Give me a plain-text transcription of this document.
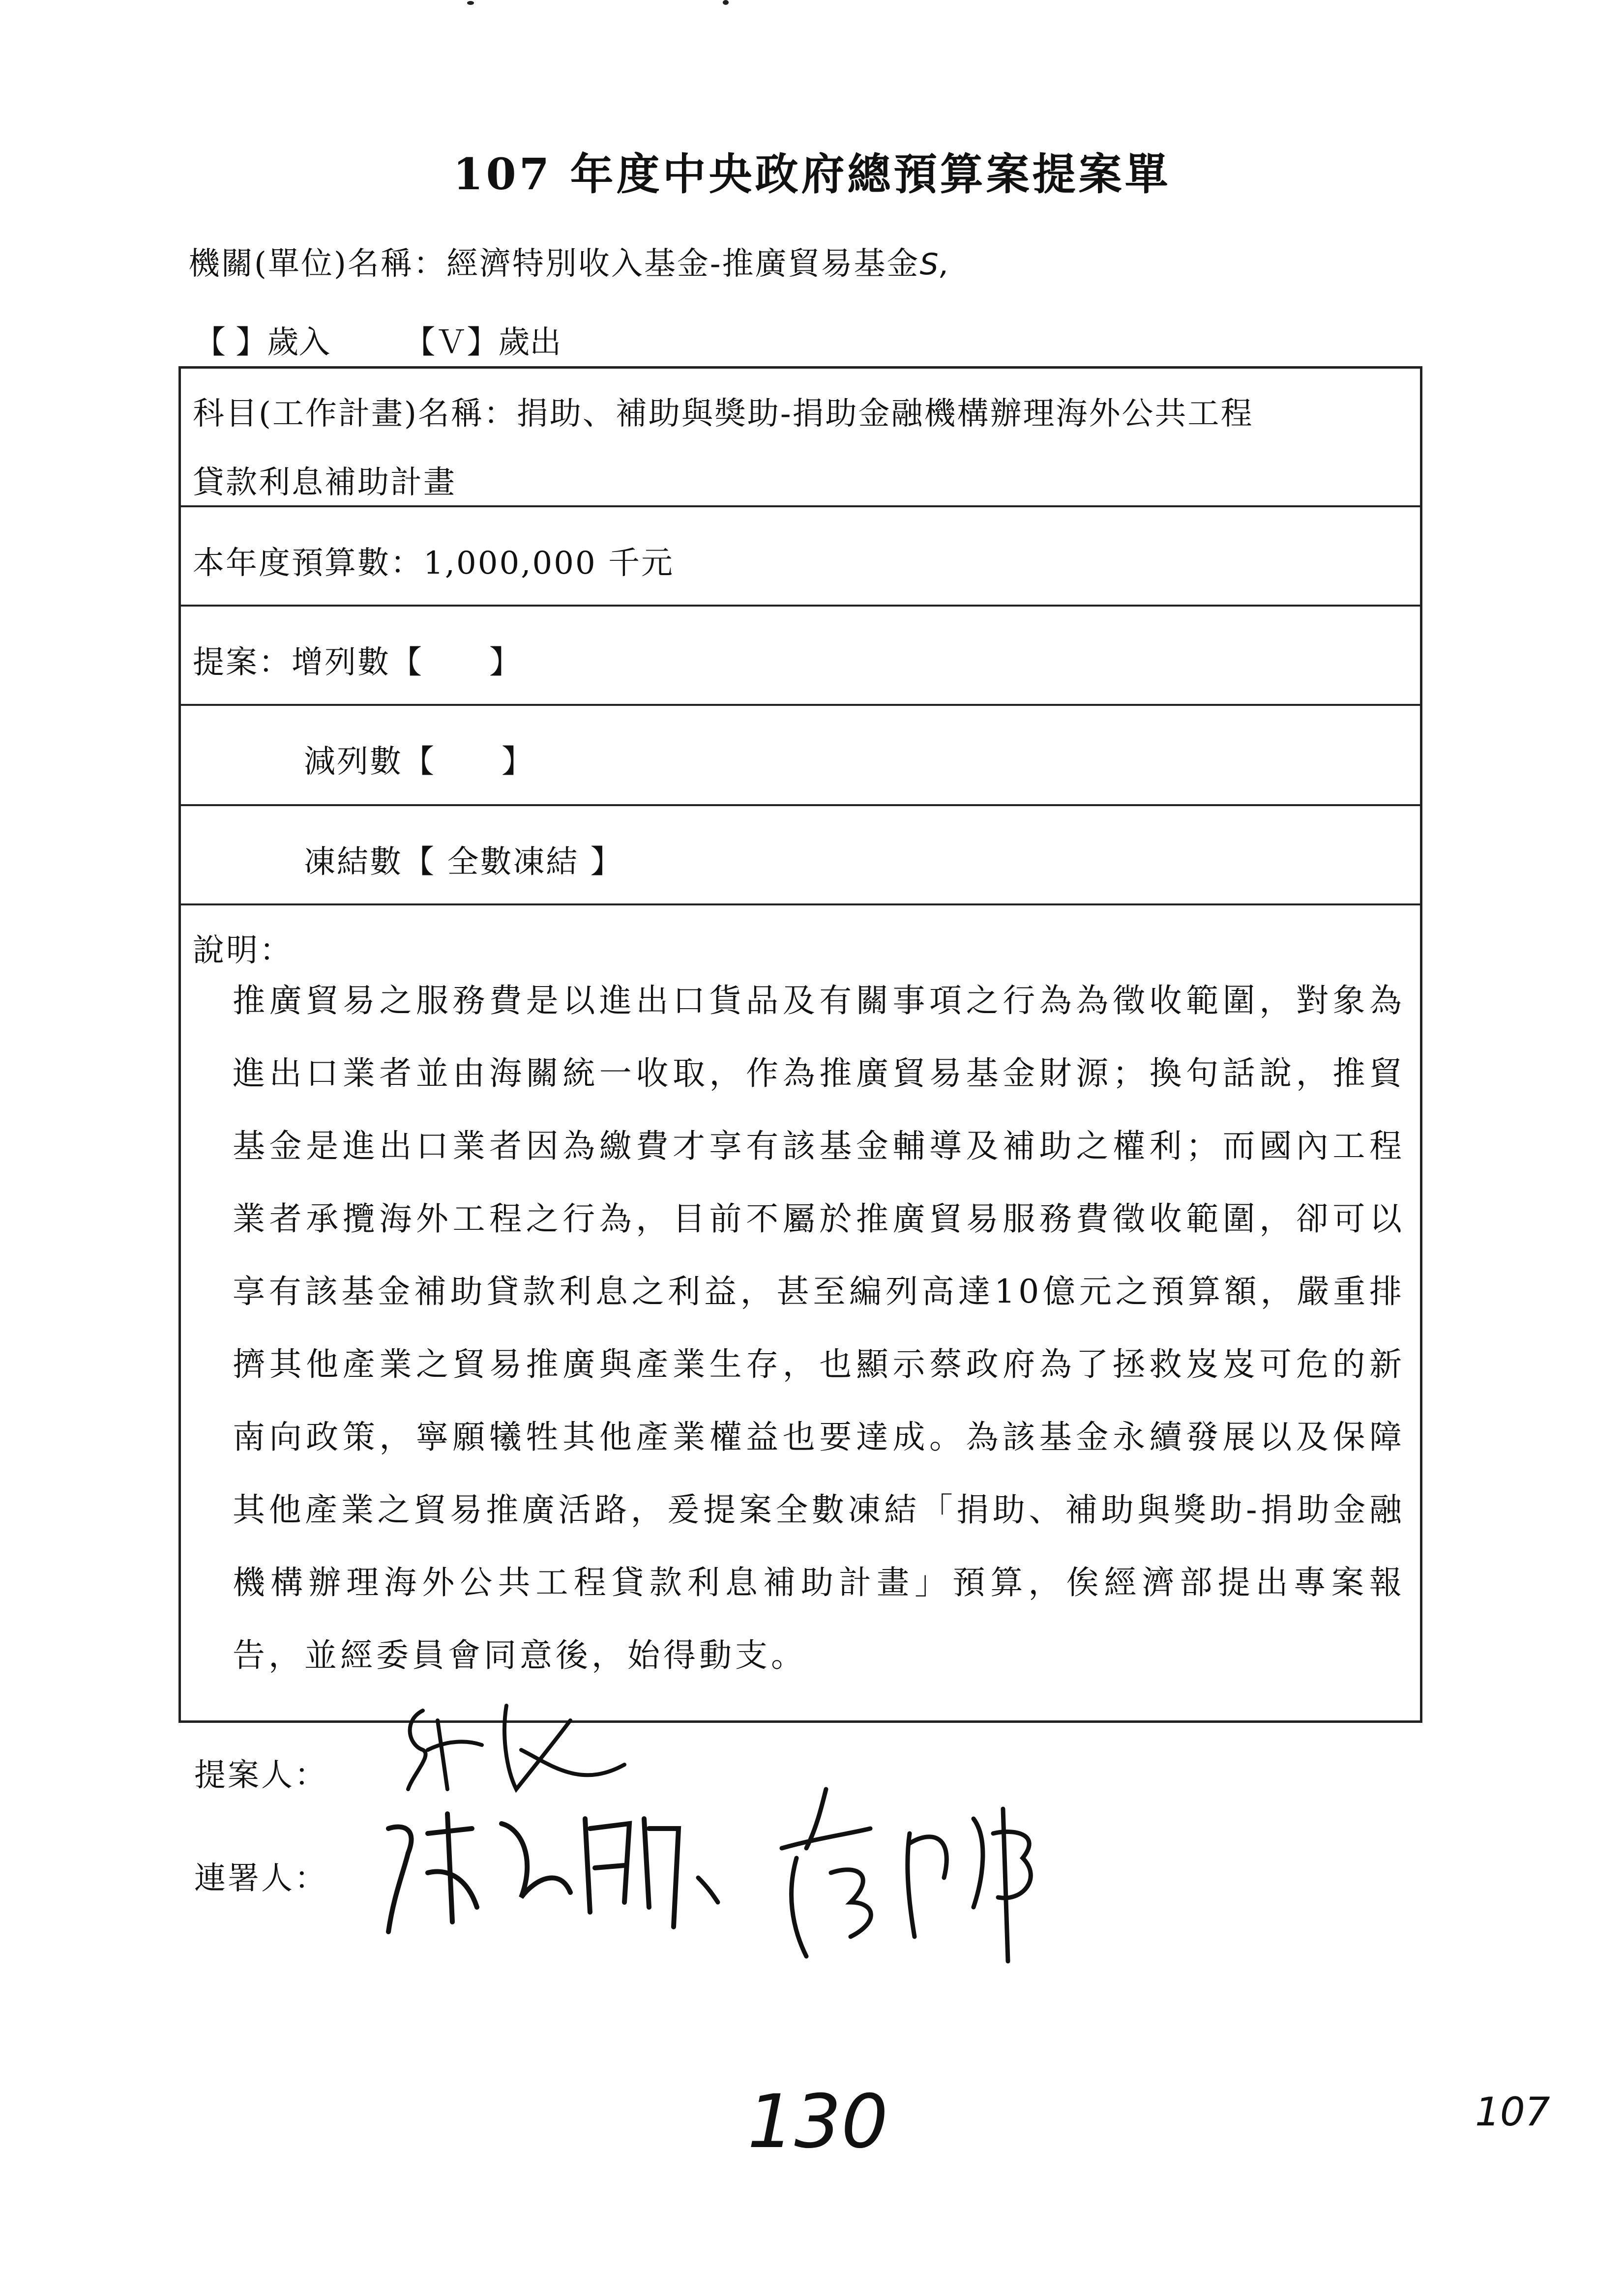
107 年度中央政府總預算案提案單
機關(單位)名稱：經濟特別收入基金-推廣貿易基金S,
【 】歲入 【Ｖ】歲出
科目(工作計畫)名稱：捐助、補助與獎助-捐助金融機構辦理海外公共工程
貸款利息補助計畫
本年度預算數：1,000,000 千元
提案：增列數【　　】
減列數【　　】
凍結數【 全數凍結 】
說明：
推廣貿易之服務費是以進出口貨品及有關事項之行為為徵收範圍，對象為進出口業者並由海關統一收取，作為推廣貿易基金財源；換句話說，推貿基金是進出口業者因為繳費才享有該基金輔導及補助之權利；而國內工程業者承攬海外工程之行為，目前不屬於推廣貿易服務費徵收範圍，卻可以享有該基金補助貸款利息之利益，甚至編列高達10億元之預算額，嚴重排擠其他產業之貿易推廣與產業生存，也顯示蔡政府為了拯救岌岌可危的新南向政策，寧願犧牲其他產業權益也要達成。為該基金永續發展以及保障其他產業之貿易推廣活路，爰提案全數凍結「捐助、補助與獎助-捐助金融機構辦理海外公共工程貸款利息補助計畫」預算，俟經濟部提出專案報告，並經委員會同意後，始得動支。
提案人：
連署人：
130	107
